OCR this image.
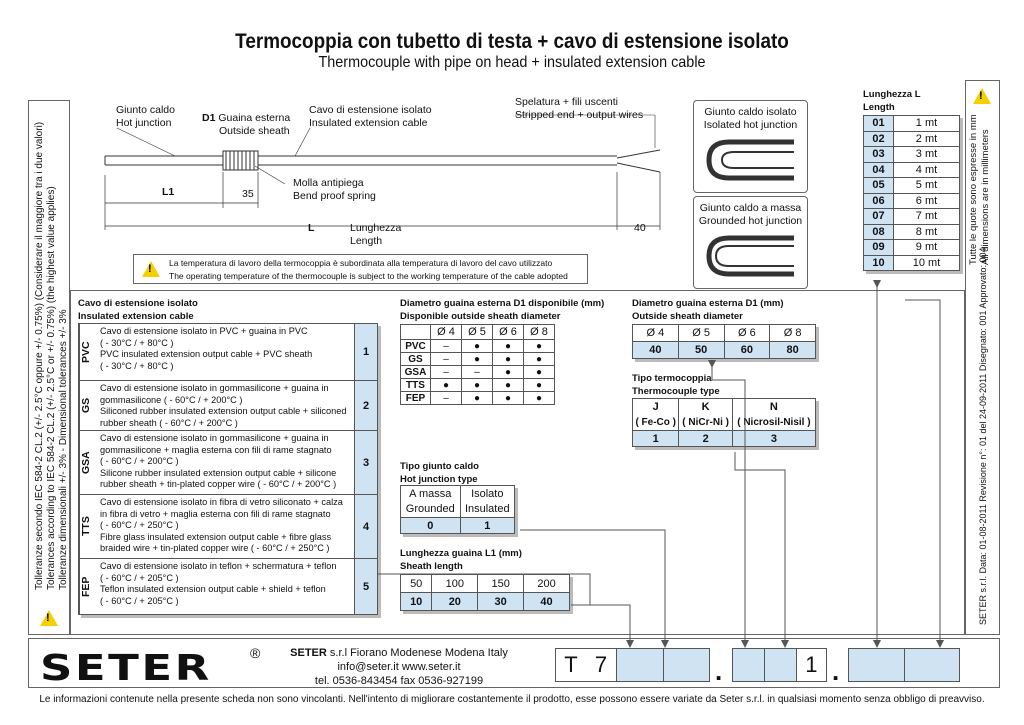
Termocoppia con tubetto di testa + cavo di estensione isolato
Thermocouple with pipe on head + insulated extension cable
!
Tolleranze secondo IEC 584-2 CL.2 (+/- 2.5°C oppure +/- 0.75%) (Considerare il maggiore tra i due valori) Tolerances according to IEC 584-2 CL.2 (+/- 2.5°C or +/- 0.75%) (the highest value applies) Tolleranze dimensionali +/- 3% - Dimensional tolerances +/- 3%
!
Tutte le quote sono espresse in mm
All dimensions are in millimeters
SETER s.r.l. Data: 01-08-2011 Revisione n°: 01 del 24-09-2011 Disegnato: 001 Approvato: 004
Giunto caldo
Hot junction	D1 Guaina esterna
Outside sheath
Cavo di estensione isolato
Insulated extension cable
Spelatura + fili uscenti
Stripped end + output wires
Molla antipiega
Bend proof spring
L1	35
L	Lunghezza
Length
40
Giunto caldo isolato
Isolated hot junction
Giunto caldo a massa
Grounded hot junction
!
La temperatura di lavoro della termocoppia è subordinata alla temperatura di lavoro del cavo utilizzato
The operating temperature of the thermocouple is subject to the working temperature of the cable adopted
Lunghezza L
Length
01	1 mt
02	2 mt
03	3 mt
04	4 mt
05	5 mt
06	6 mt
07	7 mt
08	8 mt
09	9 mt
10	10 mt
Cavo di estensione isolato
Insulated extension cable
PVC
Cavo di estensione isolato in PVC + guaina in PVC
( - 30°C / + 80°C )
PVC insulated extension output cable + PVC sheath
( - 30°C / + 80°C )
1
GS
Cavo di estensione isolato in gommasilicone + guaina in
gommasilicone ( - 60°C / + 200°C )
Siliconed rubber insulated extension output cable + siliconed
rubber sheath ( - 60°C / + 200°C )
2
GSA
Cavo di estensione isolato in gommasilicone + guaina in
gommasilicone + maglia esterna con fili di rame stagnato
( - 60°C / + 200°C )
Silicone rubber insulated extension output cable + silicone
rubber sheath + tin-plated copper wire ( - 60°C / + 200°C )
3
TTS
Cavo di estensione isolato in fibra di vetro siliconato + calza
in fibra di vetro + maglia esterna con fili di rame stagnato
( - 60°C / + 250°C )
Fibre glass insulated extension output cable + fibre glass
braided wire + tin-plated copper wire ( - 60°C / + 250°C )
4
FEP
Cavo di estensione isolato in teflon + schermatura + teflon
( - 60°C / + 205°C )
Teflon insulated extension output cable + shield + teflon
( - 60°C / + 205°C )
5
Diametro guaina esterna D1 disponibile (mm)
Disponible outside sheath diameter
	Ø 4	Ø 5	Ø 6	Ø 8
PVC	–	●	●	●
GS	–	●	●	●
GSA	–	–	●	●
TTS	●	●	●	●
FEP	–	●	●	●
Diametro guaina esterna D1 (mm)
Outside sheath diameter
Ø 4	Ø 5	Ø 6	Ø 8
40	50	60	80
Tipo termocoppia
Thermocouple type
J	K	N
( Fe-Co )	( NiCr-Ni )	( Nicrosil-Nisil )
1	2	3
Tipo giunto caldo
Hot junction type
A massa	Isolato
Grounded	Insulated
0	1
Lunghezza guaina L1 (mm)
Sheath length
50	100	150	200
10	20	30	40
SETER	®	SETER s.r.l Fiorano Modenese Modena Italy
info@seter.it www.seter.it
tel. 0536-843454 fax 0536-927199
T 7	.	1 .
Le informazioni contenute nella presente scheda non sono vincolanti. Nell'intento di migliorare costantemente il prodotto, esse possono essere variate da Seter s.r.l. in qualsiasi momento senza obbligo di preavviso.
